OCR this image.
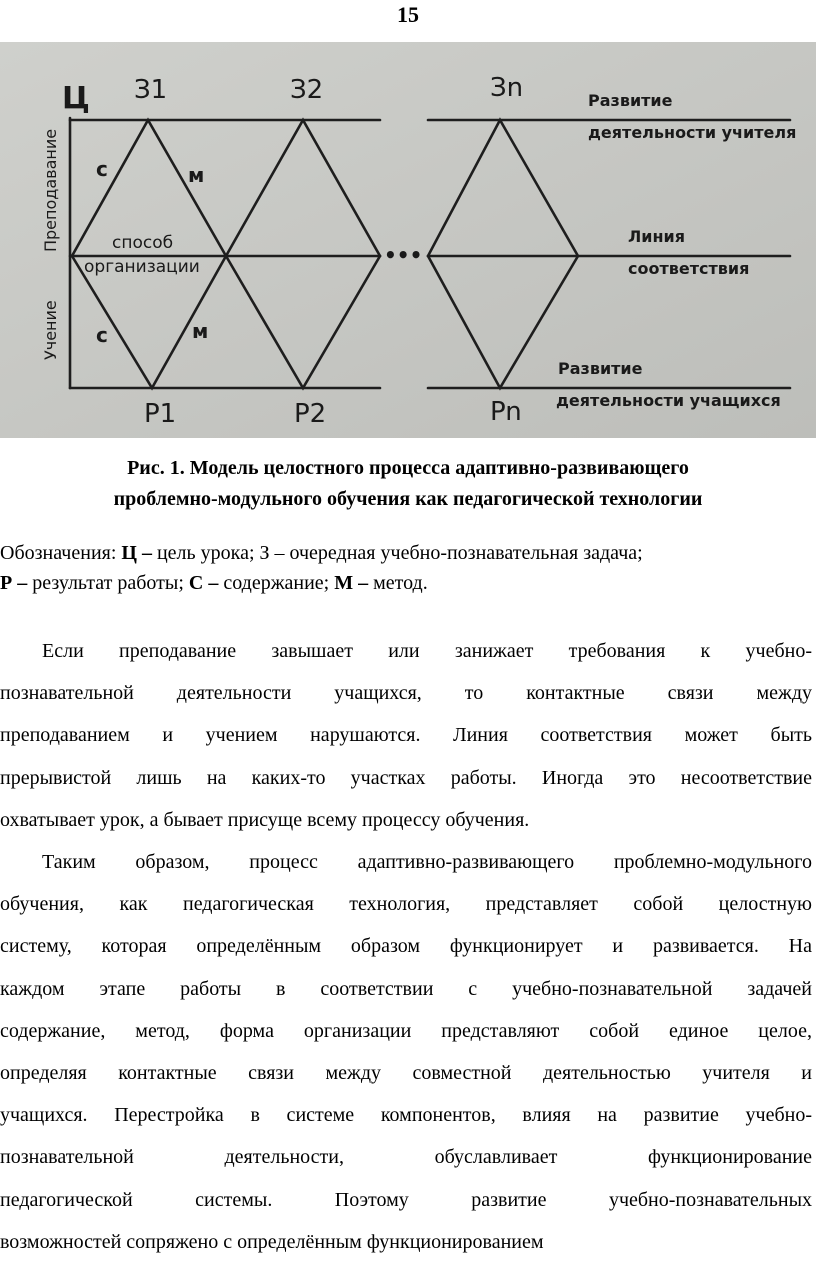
15
Ц З1	З2	Зn
P1	P2	Pn
с	м
с	м
способ
организации	•••
Преподавание
Учение
Развитие
деятельности учителя
Линия
соответствия
Развитие
деятельности учащихся
Рис. 1. Модель целостного процесса адаптивно-развивающего
проблемно-модульного обучения как педагогической технологии
Обозначения: Ц – цель урока; З – очередная учебно-познавательная задача;
Р – результат работы; С – содержание; М – метод.

Если преподавание завышает или занижает требования к учебно-
познавательной деятельности учащихся, то контактные связи между
преподаванием и учением нарушаются. Линия соответствия может быть
прерывистой лишь на каких-то участках работы. Иногда это несоответствие
охватывает урок, а бывает присуще всему процессу обучения.

Таким образом, процесс адаптивно-развивающего проблемно-модульного
обучения, как педагогическая технология, представляет собой целостную
систему, которая определённым образом функционирует и развивается. На
каждом этапе работы в соответствии с учебно-познавательной задачей
содержание, метод, форма организации представляют собой единое целое,
определяя контактные связи между совместной деятельностью учителя и
учащихся. Перестройка в системе компонентов, влияя на развитие учебно-
познавательной деятельности, обуславливает функционирование
педагогической системы. Поэтому развитие учебно-познавательных
возможностей сопряжено с определённым функционированием
